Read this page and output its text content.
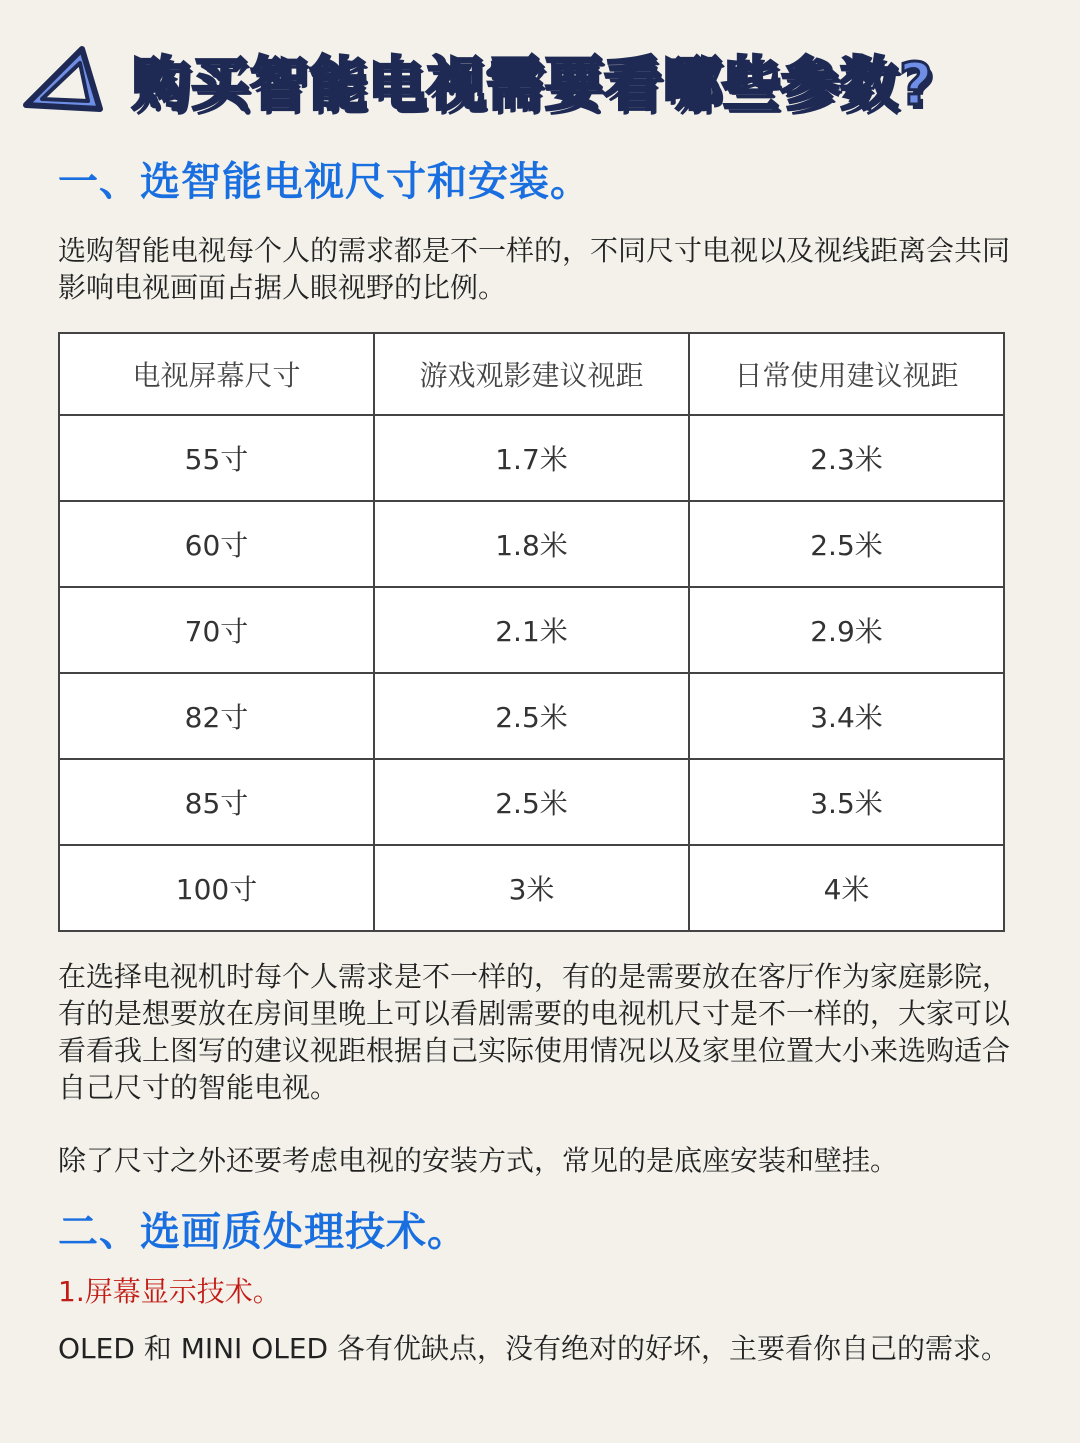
购买智能电视需要看哪些参数?
一、选智能电视尺寸和安装。
选购智能电视每个人的需求都是不一样的，不同尺寸电视以及视线距离会共同影响电视画面占据人眼视野的比例。
电视屏幕尺寸	游戏观影建议视距	日常使用建议视距
55寸	1.7米	2.3米
60寸	1.8米	2.5米
70寸	2.1米	2.9米
82寸	2.5米	3.4米
85寸	2.5米	3.5米
100寸	3米	4米
在选择电视机时每个人需求是不一样的，有的是需要放在客厅作为家庭影院，有的是想要放在房间里晚上可以看剧需要的电视机尺寸是不一样的，大家可以看看我上图写的建议视距根据自己实际使用情况以及家里位置大小来选购适合自己尺寸的智能电视。
除了尺寸之外还要考虑电视的安装方式，常见的是底座安装和壁挂。
二、选画质处理技术。
1.屏幕显示技术。
OLED 和 MINI OLED 各有优缺点，没有绝对的好坏，主要看你自己的需求。
